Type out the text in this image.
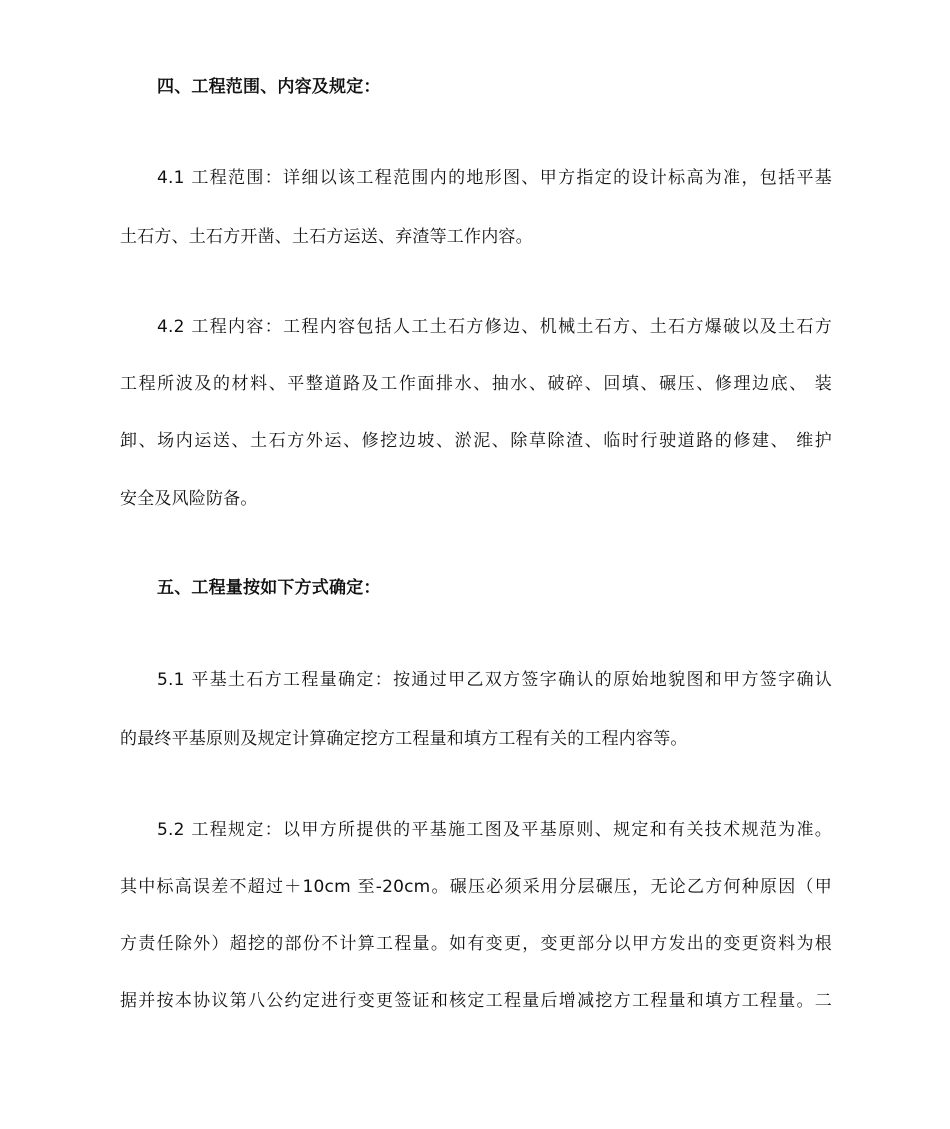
四、工程范围、内容及规定：
4.1 工程范围：详细以该工程范围内的地形图、甲方指定的设计标高为准，包括平基
土石方、土石方开凿、土石方运送、弃渣等工作内容。
4.2 工程内容：工程内容包括人工土石方修边、机械土石方、土石方爆破以及土石方
工程所波及的材料、平整道路及工作面排水、抽水、破碎、回填、碾压、修理边底、 装
卸、场内运送、土石方外运、修挖边坡、淤泥、除草除渣、临时行驶道路的修建、 维护
安全及风险防备。
五、工程量按如下方式确定：
5.1 平基土石方工程量确定：按通过甲乙双方签字确认的原始地貌图和甲方签字确认
的最终平基原则及规定计算确定挖方工程量和填方工程有关的工程内容等。
5.2 工程规定：以甲方所提供的平基施工图及平基原则、规定和有关技术规范为准。
其中标高误差不超过＋10cm 至-20cm。碾压必须采用分层碾压，无论乙方何种原因（甲
方责任除外）超挖的部份不计算工程量。如有变更，变更部分以甲方发出的变更资料为根
据并按本协议第八公约定进行变更签证和核定工程量后增减挖方工程量和填方工程量。二
